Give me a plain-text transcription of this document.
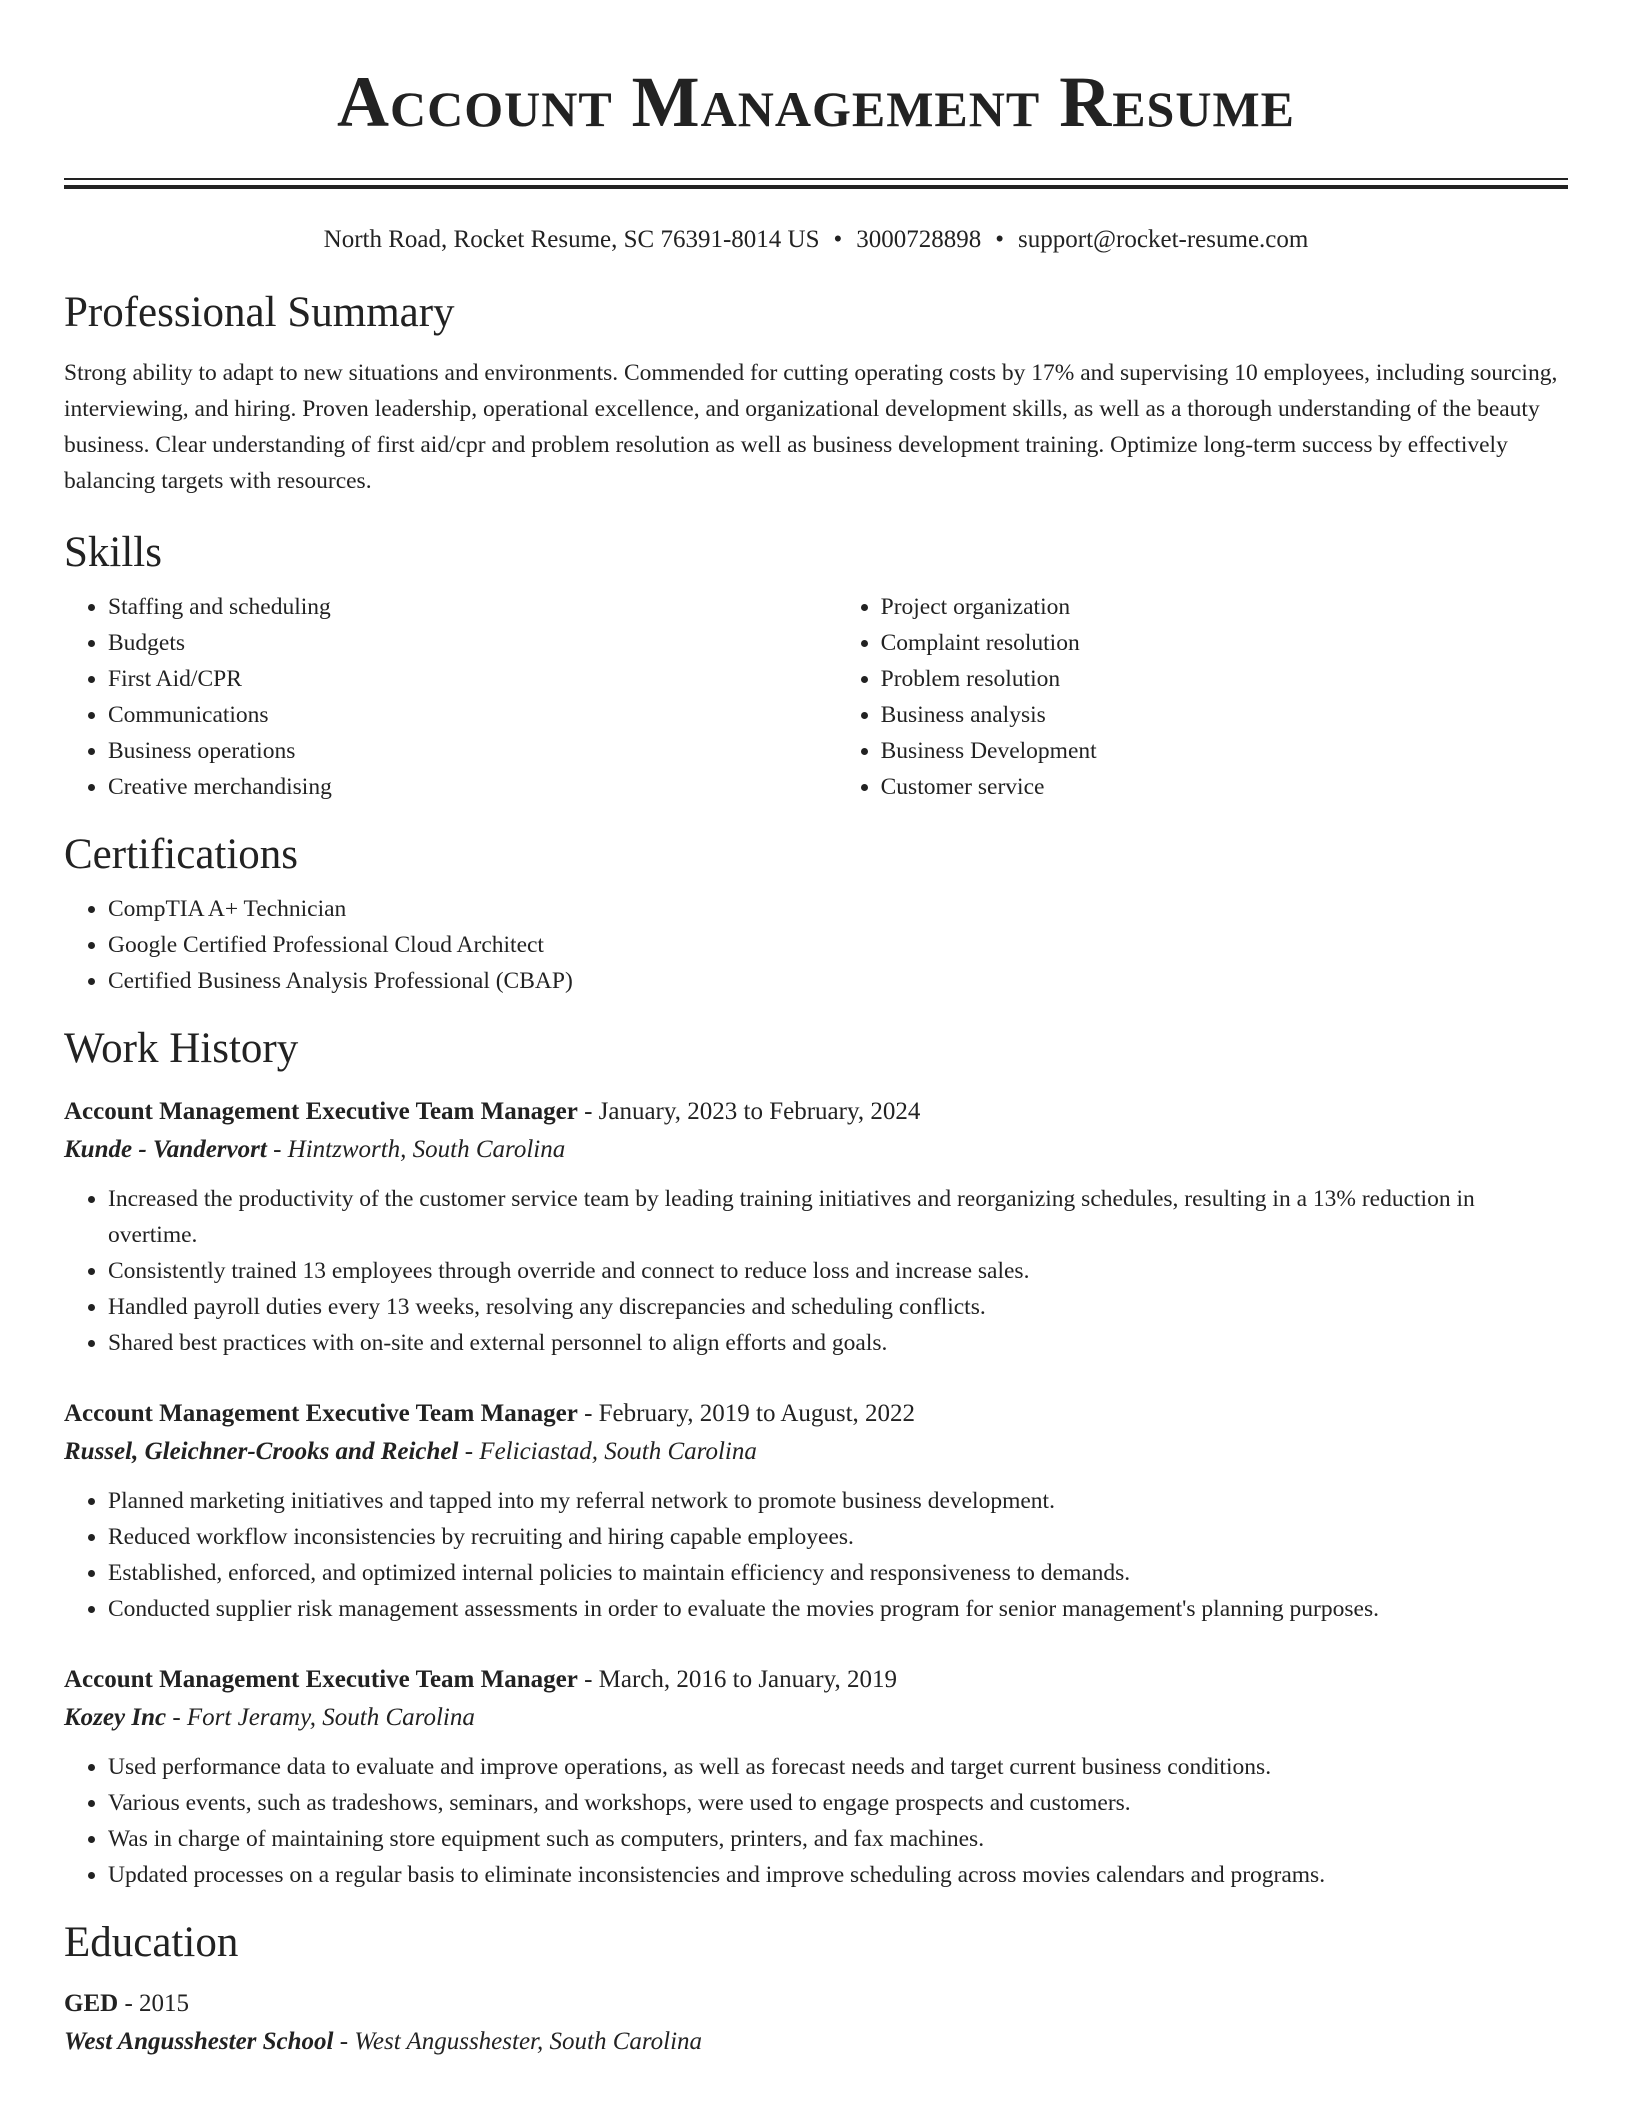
Account Management Resume
North Road, Rocket Resume, SC 76391-8014 US • 3000728898 • support@rocket-resume.com
Professional Summary

Strong ability to adapt to new situations and environments. Commended for cutting operating costs by 17% and supervising 10 employees, including sourcing, interviewing, and hiring. Proven leadership, operational excellence, and organizational development skills, as well as a thorough understanding of the beauty business. Clear understanding of first aid/cpr and problem resolution as well as business development training. Optimize long-term success by effectively balancing targets with resources.

Skills
• Staffing and scheduling
• Budgets
• First Aid/CPR
• Communications
• Business operations
• Creative merchandising
• Project organization
• Complaint resolution
• Problem resolution
• Business analysis
• Business Development
• Customer service
Certifications
• CompTIA A+ Technician
• Google Certified Professional Cloud Architect
• Certified Business Analysis Professional (CBAP)
Work History
Account Management Executive Team Manager - January, 2023 to February, 2024
Kunde - Vandervort - Hintzworth, South Carolina
• Increased the productivity of the customer service team by leading training initiatives and reorganizing schedules, resulting in a 13% reduction in overtime.
• Consistently trained 13 employees through override and connect to reduce loss and increase sales.
• Handled payroll duties every 13 weeks, resolving any discrepancies and scheduling conflicts.
• Shared best practices with on-site and external personnel to align efforts and goals.
Account Management Executive Team Manager - February, 2019 to August, 2022
Russel, Gleichner-Crooks and Reichel - Feliciastad, South Carolina
• Planned marketing initiatives and tapped into my referral network to promote business development.
• Reduced workflow inconsistencies by recruiting and hiring capable employees.
• Established, enforced, and optimized internal policies to maintain efficiency and responsiveness to demands.
• Conducted supplier risk management assessments in order to evaluate the movies program for senior management's planning purposes.
Account Management Executive Team Manager - March, 2016 to January, 2019
Kozey Inc - Fort Jeramy, South Carolina
• Used performance data to evaluate and improve operations, as well as forecast needs and target current business conditions.
• Various events, such as tradeshows, seminars, and workshops, were used to engage prospects and customers.
• Was in charge of maintaining store equipment such as computers, printers, and fax machines.
• Updated processes on a regular basis to eliminate inconsistencies and improve scheduling across movies calendars and programs.
Education
GED - 2015
West Angusshester School - West Angusshester, South Carolina
